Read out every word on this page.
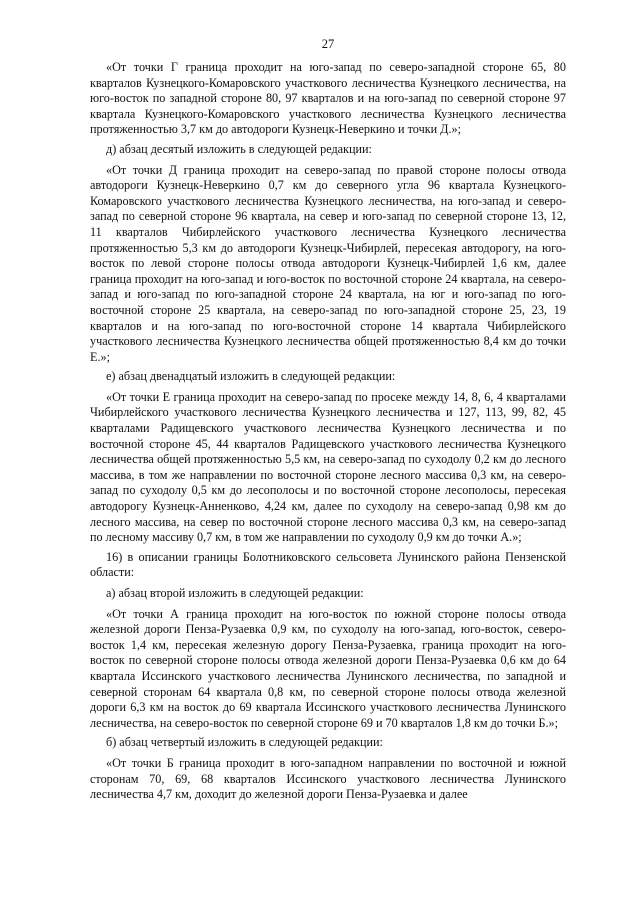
27

«От точки Г граница проходит на юго-запад по северо-западной стороне 65, 80 кварталов Кузнецкого-Комаровского участкового лесничества Кузнецкого лесничества, на юго-восток по западной стороне 80, 97 кварталов и на юго-запад по северной стороне 97 квартала Кузнецкого-Комаровского участкового лесничества Кузнецкого лесничества протяженностью 3,7 км до автодороги Кузнецк-Неверкино и точки Д.»;

д) абзац десятый изложить в следующей редакции:

«От точки Д граница проходит на северо-запад по правой стороне полосы отвода автодороги Кузнецк-Неверкино 0,7 км до северного угла 96 квартала Кузнецкого-Комаровского участкового лесничества Кузнецкого лесничества, на юго-запад и северо-запад по северной стороне 96 квартала, на север и юго-запад по северной стороне 13, 12, 11 кварталов Чибирлейского участкового лесничества Кузнецкого лесничества протяженностью 5,3 км до автодороги Кузнецк-Чибирлей, пересекая автодорогу, на юго-восток по левой стороне полосы отвода автодороги Кузнецк-Чибирлей 1,6 км, далее граница проходит на юго-запад и юго-восток по восточной стороне 24 квартала, на северо-запад и юго-запад по юго-западной стороне 24 квартала, на юг и юго-запад по юго-восточной стороне 25 квартала, на северо-запад по юго-западной стороне 25, 23, 19 кварталов и на юго-запад по юго-восточной стороне 14 квартала Чибирлейского участкового лесничества Кузнецкого лесничества общей протяженностью 8,4 км до точки Е.»;

е) абзац двенадцатый изложить в следующей редакции:

«От точки Е граница проходит на северо-запад по просеке между 14, 8, 6, 4 кварталами Чибирлейского участкового лесничества Кузнецкого лесничества и 127, 113, 99, 82, 45 кварталами Радищевского участкового лесничества Кузнецкого лесничества и по восточной стороне 45, 44 кварталов Радищевского участкового лесничества Кузнецкого лесничества общей протяженностью 5,5 км, на северо-запад по суходолу 0,2 км до лесного массива, в том же направлении по восточной стороне лесного массива 0,3 км, на северо-запад по суходолу 0,5 км до лесополосы и по восточной стороне лесополосы, пересекая автодорогу Кузнецк-Анненково, 4,24 км, далее по суходолу на северо-запад 0,98 км до лесного массива, на север по восточной стороне лесного массива 0,3 км, на северо-запад по лесному массиву 0,7 км, в том же направлении по суходолу 0,9 км до точки А.»;

16) в описании границы Болотниковского сельсовета Лунинского района Пензенской области:

а) абзац второй изложить в следующей редакции:

«От точки А граница проходит на юго-восток по южной стороне полосы отвода железной дороги Пенза-Рузаевка 0,9 км, по суходолу на юго-запад, юго-восток, северо-восток 1,4 км, пересекая железную дорогу Пенза-Рузаевка, граница проходит на юго-восток по северной стороне полосы отвода железной дороги Пенза-Рузаевка 0,6 км до 64 квартала Иссинского участкового лесничества Лунинского лесничества, по западной и северной сторонам 64 квартала 0,8 км, по северной стороне полосы отвода железной дороги 6,3 км на восток до 69 квартала Иссинского участкового лесничества Лунинского лесничества, на северо-восток по северной стороне 69 и 70 кварталов 1,8 км до точки Б.»;

б) абзац четвертый изложить в следующей редакции:

«От точки Б граница проходит в юго-западном направлении по восточной и южной сторонам 70, 69, 68 кварталов Иссинского участкового лесничества Лунинского лесничества 4,7 км, доходит до железной дороги Пенза-Рузаевка и далее
